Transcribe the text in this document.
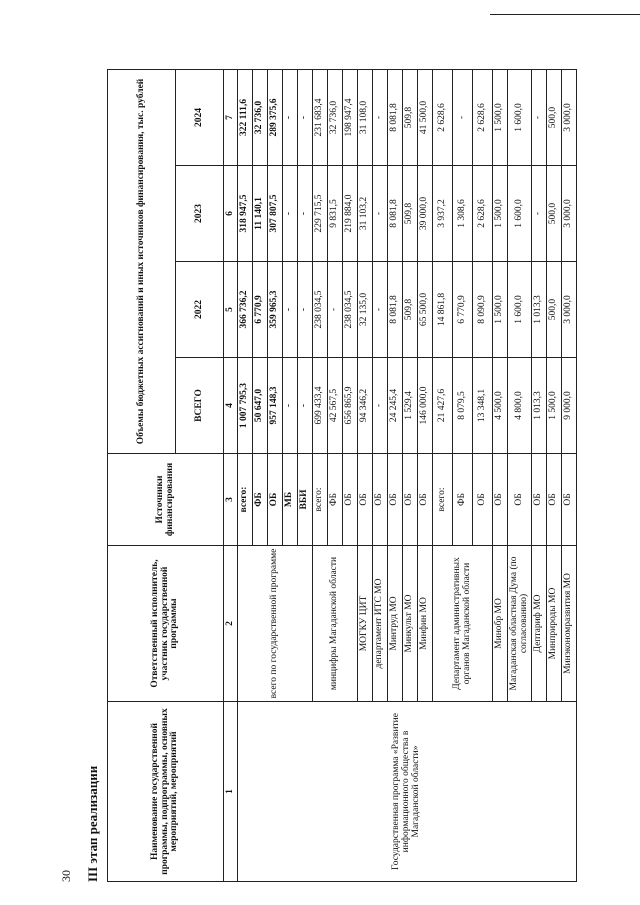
30 III этап реализации	Наименование государственной программы, подпрограммы, основных мероприятий, мероприятий	Ответственный исполнитель, участник государственной программы	Источники финансирования	Объемы бюджетных ассигнований и иных источников финансирования, тыс. рублей			
			ВСЕГО	2022	2023	2024
1	2	3	4	5	6	7
Государственная программа «Развитие информационного общества в Магаданской области»	всего по государственной программе	всего:	1 007 795,3	366 736,2	318 947,5	322 111,6
		ФБ	50 647,0	6 770,9	11 140,1	32 736,0
		ОБ	957 148,3	359 965,3	307 807,5	289 375,6
		МБ	-	-	-	-
		ВБИ	-	-	-	-
	минцифры Магаданской области	всего:	699 433,4	238 034,5	229 715,5	231 683,4
		ФБ	42 567,5	-	9 831,5	32 736,0
		ОБ	656 865,9	238 034,5	219 884,0	198 947,4
	МОГКУ ЦИТ	ОБ	94 346,2	32 135,0	31 103,2	31 108,0
	департамент ИТС МО	ОБ	-	-	-	-
	Минтруд МО	ОБ	24 245,4	8 081,8	8 081,8	8 081,8
	Минкульт МО	ОБ	1 529,4	509,8	509,8	509,8
	Минфин МО	ОБ	146 000,0	65 500,0	39 000,0	41 500,0
	Департамент административных органов Магаданской области	всего:	21 427,6	14 861,8	3 937,2	2 628,6
		ФБ	8 079,5	6 770,9	1 308,6	-
		ОБ	13 348,1	8 090,9	2 628,6	2 628,6
	Минобр МО	ОБ	4 500,0	1 500,0	1 500,0	1 500,0
	Магаданская областная Дума (по согласованию)	ОБ	4 800,0	1 600,0	1 600,0	1 600,0
	Дептариф МО	ОБ	1 013,3	1 013,3	-	-
	Минприроды МО	ОБ	1 500,0	500,0	500,0	500,0
	Минэкономразвития МО	ОБ	9 000,0	3 000,0	3 000,0	3 000,0
